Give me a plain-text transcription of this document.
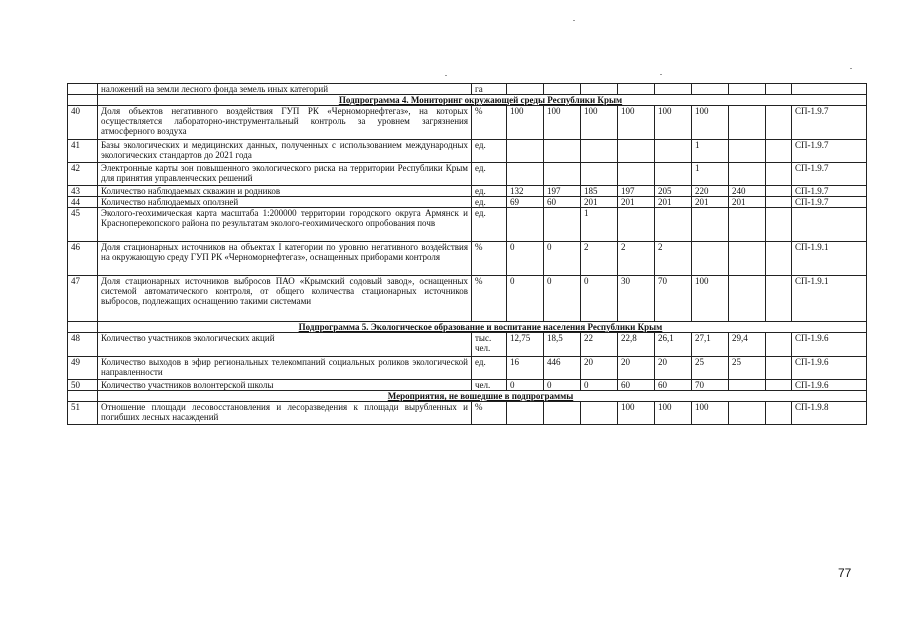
	наложений на земли лесного фонда земель иных категорий	га									
	Подпрограмма 4. Мониторинг окружающей среды Республики Крым										
40	Доля объектов негативного воздействия ГУП РК «Черноморнефтегаз», на которых осуществляется лабораторно-инструментальный контроль за уровнем загрязнения атмосферного воздуха	%	100	100	100	100	100	100			СП-1.9.7
41	Базы экологических и медицинских данных, полученных с использованием международных экологических стандартов до 2021 года	ед.						1			СП-1.9.7
42	Электронные карты зон повышенного экологического риска на территории Республики Крым для принятия управленческих решений	ед.						1			СП-1.9.7
43	Количество наблюдаемых скважин и родников	ед.	132	197	185	197	205	220	240		СП-1.9.7
44	Количество наблюдаемых оползней	ед.	69	60	201	201	201	201	201		СП-1.9.7
45	Эколого-геохимическая карта масштаба 1:200000 территории городского округа Армянск и Красноперекопского района по результатам эколого-геохимического опробования почв	ед.			1						
46	Доля стационарных источников на объектах I категории по уровню негативного воздействия на окружающую среду ГУП РК «Черноморнефтегаз», оснащенных приборами контроля	%	0	0	2	2	2				СП-1.9.1
47	Доля стационарных источников выбросов ПАО «Крымский содовый завод», оснащенных системой автоматического контроля, от общего количества стационарных источников выбросов, подлежащих оснащению такими системами	%	0	0	0	30	70	100			СП-1.9.1
	Подпрограмма 5. Экологическое образование и воспитание населения Республики Крым										
48	Количество участников экологических акций	тыс. чел.	12,75	18,5	22	22,8	26,1	27,1	29,4		СП-1.9.6
49	Количество выходов в эфир региональных телекомпаний социальных роликов экологической направленности	ед.	16	446	20	20	20	25	25		СП-1.9.6
50	Количество участников волонтерской школы	чел.	0	0	0	60	60	70			СП-1.9.6
	Мероприятия, не вошедшие в подпрограммы										
51	Отношение площади лесовосстановления и лесоразведения к площади вырубленных и погибших лесных насаждений	%				100	100	100			СП-1.9.8
77
